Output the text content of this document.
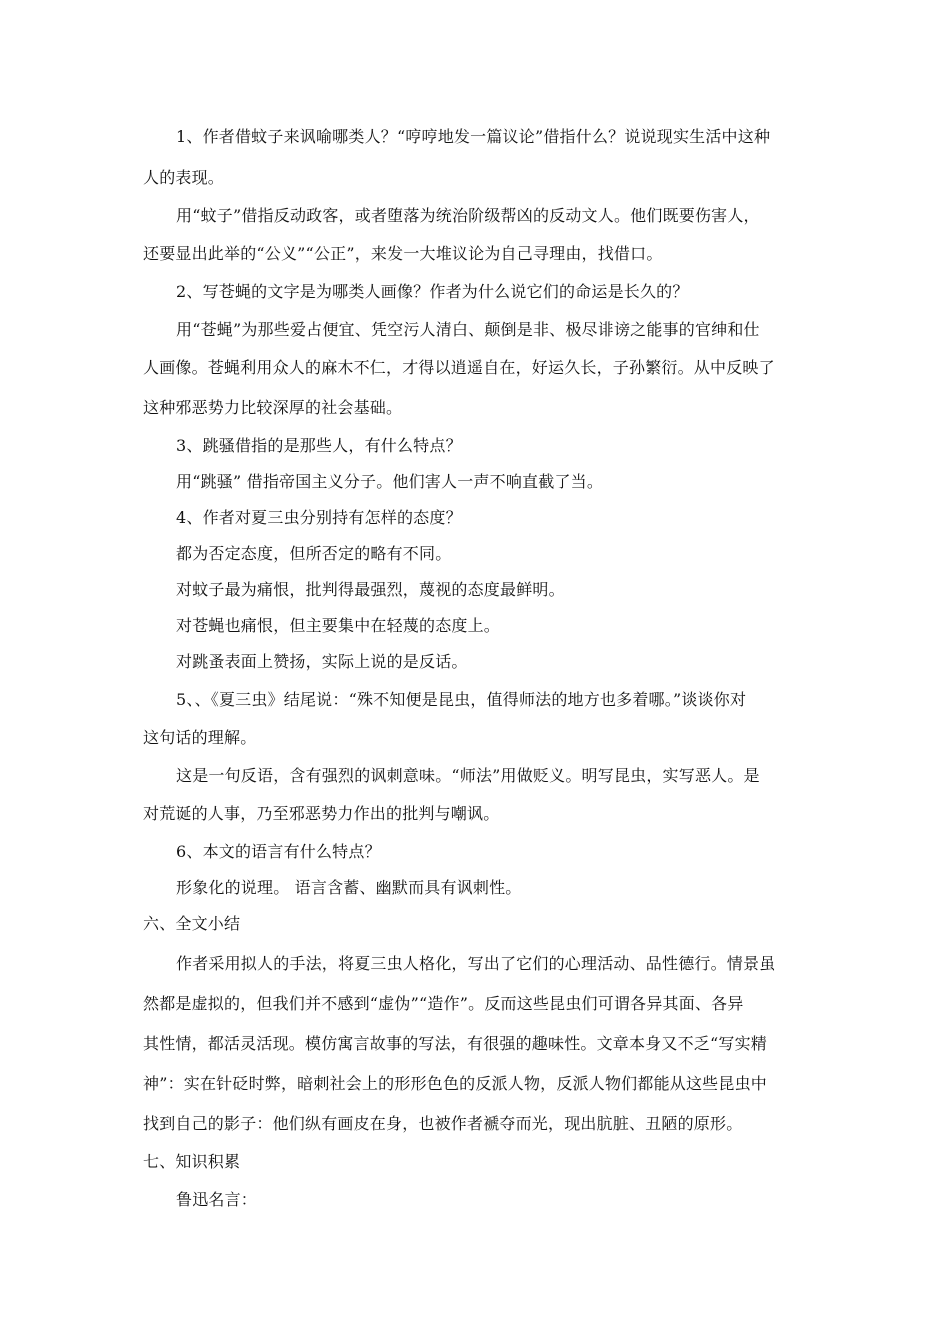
1、作者借蚊子来讽喻哪类人？“哼哼地发一篇议论”借指什么？说说现实生活中这种
人的表现。
用“蚊子”借指反动政客，或者堕落为统治阶级帮凶的反动文人。他们既要伤害人，
还要显出此举的“公义”“公正”，来发一大堆议论为自己寻理由，找借口。
2、写苍蝇的文字是为哪类人画像？作者为什么说它们的命运是长久的？
用“苍蝇”为那些爱占便宜、凭空污人清白、颠倒是非、极尽诽谤之能事的官绅和仕
人画像。苍蝇利用众人的麻木不仁，才得以逍遥自在，好运久长，子孙繁衍。从中反映了
这种邪恶势力比较深厚的社会基础。
3、跳骚借指的是那些人，有什么特点？
用“跳骚” 借指帝国主义分子。他们害人一声不响直截了当。
4、作者对夏三虫分别持有怎样的态度？
都为否定态度，但所否定的略有不同。
对蚊子最为痛恨，批判得最强烈，蔑视的态度最鲜明。
对苍蝇也痛恨，但主要集中在轻蔑的态度上。
对跳蚤表面上赞扬，实际上说的是反话。
5、、《夏三虫》结尾说：“殊不知便是昆虫，值得师法的地方也多着哪。”谈谈你对
这句话的理解。
这是一句反语，含有强烈的讽刺意味。“师法”用做贬义。明写昆虫，实写恶人。是
对荒诞的人事，乃至邪恶势力作出的批判与嘲讽。
6、本文的语言有什么特点？
形象化的说理。 语言含蓄、幽默而具有讽刺性。
六、全文小结
作者采用拟人的手法，将夏三虫人格化，写出了它们的心理活动、品性德行。情景虽
然都是虚拟的，但我们并不感到“虚伪”“造作”。反而这些昆虫们可谓各异其面、各异
其性情，都活灵活现。模仿寓言故事的写法，有很强的趣味性。文章本身又不乏“写实精
神”：实在针砭时弊，暗刺社会上的形形色色的反派人物，反派人物们都能从这些昆虫中
找到自己的影子：他们纵有画皮在身，也被作者褫夺而光，现出肮脏、丑陋的原形。
七、知识积累
鲁迅名言：
